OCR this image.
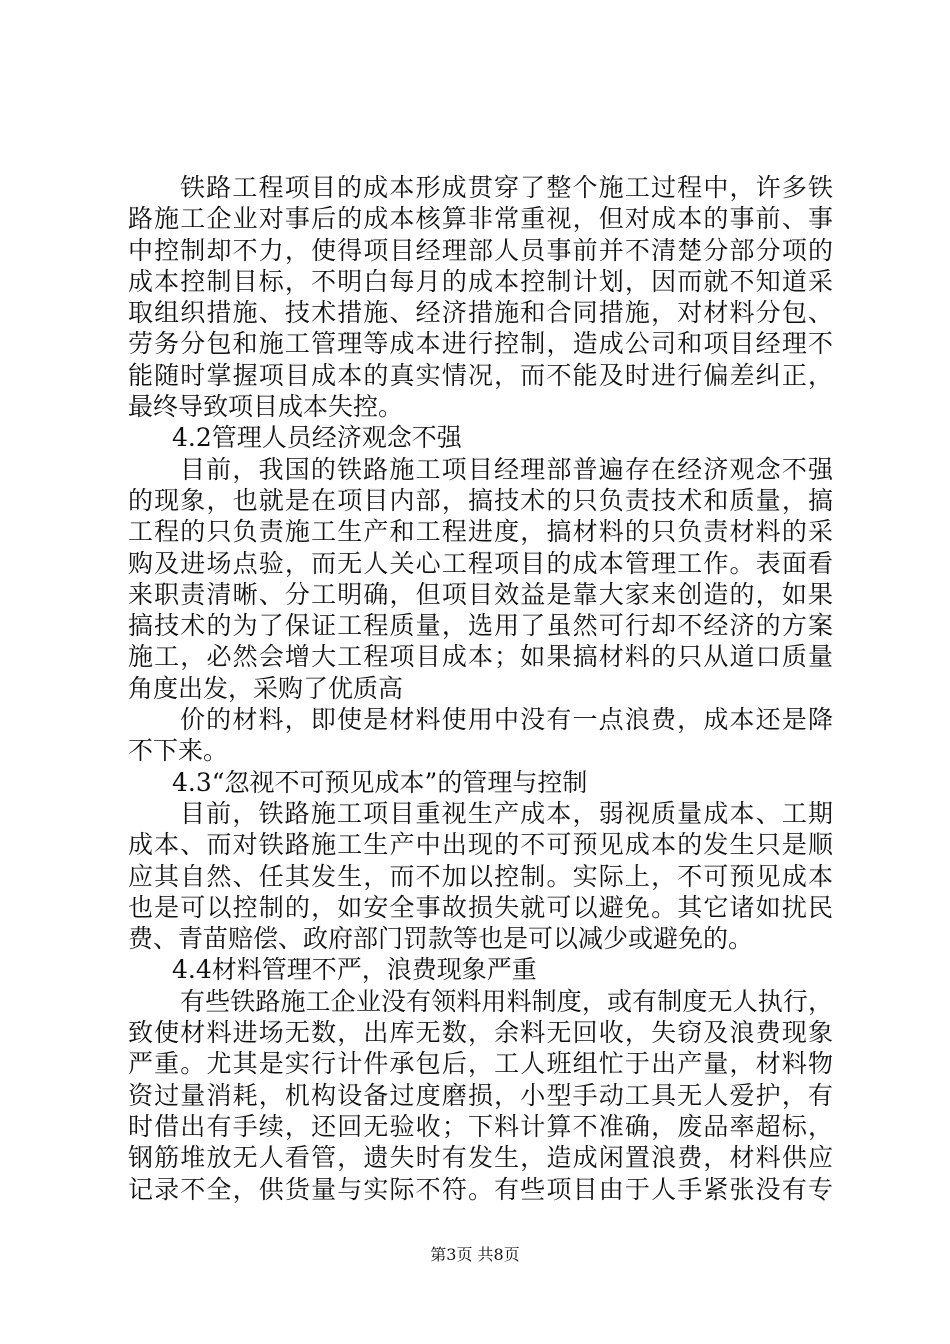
铁路工程项目的成本形成贯穿了整个施工过程中，许多铁
路施工企业对事后的成本核算非常重视，但对成本的事前、事
中控制却不力，使得项目经理部人员事前并不清楚分部分项的
成本控制目标，不明白每月的成本控制计划，因而就不知道采
取组织措施、技术措施、经济措施和合同措施，对材料分包、
劳务分包和施工管理等成本进行控制，造成公司和项目经理不
能随时掌握项目成本的真实情况，而不能及时进行偏差纠正，
最终导致项目成本失控。
4.2管理人员经济观念不强
目前，我国的铁路施工项目经理部普遍存在经济观念不强
的现象，也就是在项目内部，搞技术的只负责技术和质量，搞
工程的只负责施工生产和工程进度，搞材料的只负责材料的采
购及进场点验，而无人关心工程项目的成本管理工作。表面看
来职责清晰、分工明确，但项目效益是靠大家来创造的，如果
搞技术的为了保证工程质量，选用了虽然可行却不经济的方案
施工，必然会增大工程项目成本；如果搞材料的只从道口质量
角度出发，采购了优质高
价的材料，即使是材料使用中没有一点浪费，成本还是降
不下来。
4.3“忽视不可预见成本”的管理与控制
目前，铁路施工项目重视生产成本，弱视质量成本、工期
成本、而对铁路施工生产中出现的不可预见成本的发生只是顺
应其自然、任其发生，而不加以控制。实际上，不可预见成本
也是可以控制的，如安全事故损失就可以避免。其它诸如扰民
费、青苗赔偿、政府部门罚款等也是可以减少或避免的。
4.4材料管理不严，浪费现象严重
有些铁路施工企业没有领料用料制度，或有制度无人执行，
致使材料进场无数，出库无数，余料无回收，失窃及浪费现象
严重。尤其是实行计件承包后，工人班组忙于出产量，材料物
资过量消耗，机构设备过度磨损，小型手动工具无人爱护，有
时借出有手续，还回无验收；下料计算不准确，废品率超标，
钢筋堆放无人看管，遗失时有发生，造成闲置浪费，材料供应
记录不全，供货量与实际不符。有些项目由于人手紧张没有专
第3页 共8页
